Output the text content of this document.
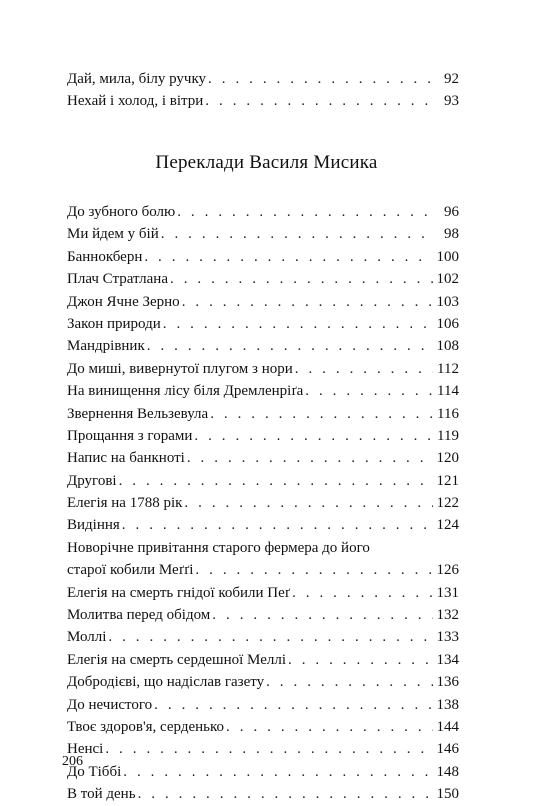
Дай, мила, білу ручку . . .	92
Нехай і холод, і вітри . . .	93
Переклади Василя Мисика
До зубного болю . . .	96
Ми йдем у бій . . .	98
Баннокберн . . .	100
Плач Стратлана . . .	102
Джон Ячне Зерно . . .	103
Закон природи . . .	106
Мандрівник . . .	108
До миші, вивернутої плугом з нори . . .	112
На винищення лісу біля Дремленріґа . . .	114
Звернення Вельзевула . . .	116
Прощання з горами . . .	119
Напис на банкноті . . .	120
Другові . . .	121
Елегія на 1788 рік . . .	122
Видіння . . .	124
Новорічне привітання старого фермера до його
старої кобили Меґґі . . .	126
Елегія на смерть гнідої кобили Пеґ . . .	131
Молитва перед обідом . . .	132
Моллі . . .	133
Елегія на смерть сердешної Меллі . . .	134
Добродієві, що надіслав газету . . .	136
До нечистого . . .	138
Твоє здоров'я, серденько . . .	144
Ненсі . . .	146
До Тіббі . . .	148
В той день . . .	150
206
